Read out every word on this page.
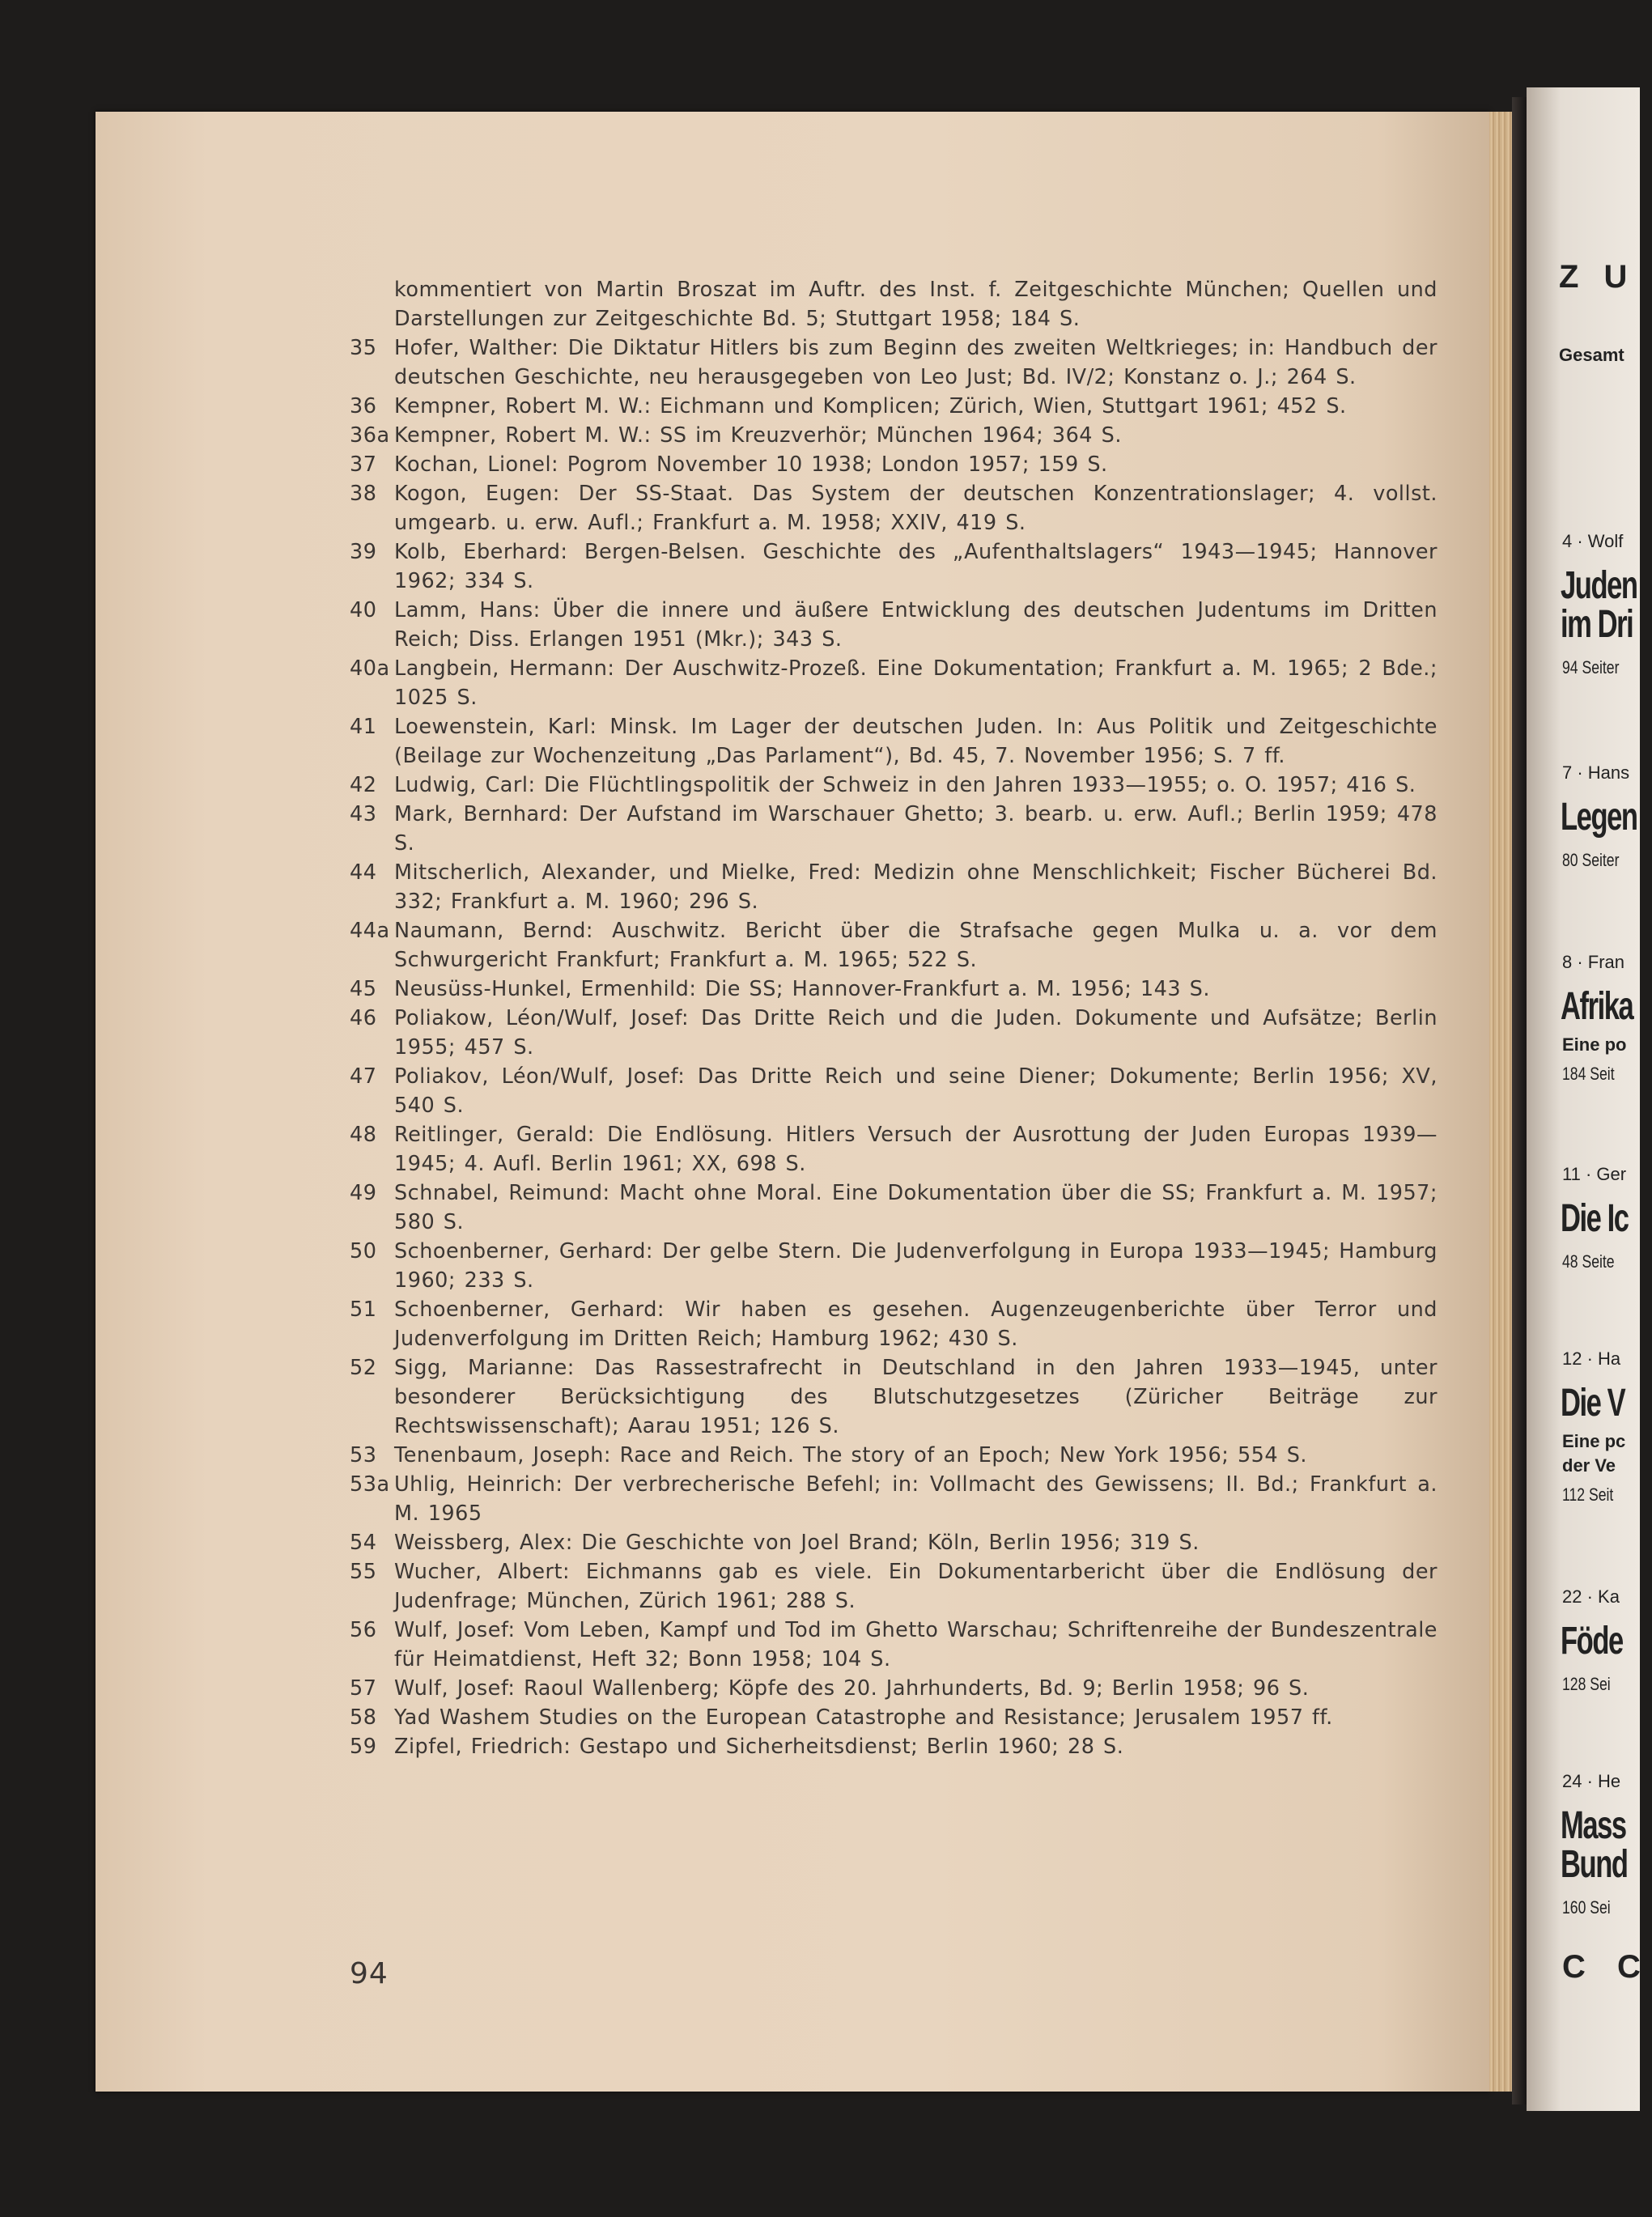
kommentiert von Martin Broszat im Auftr. des Inst. f. Zeitgeschichte München; Quellen und Darstellungen zur Zeitgeschichte Bd. 5; Stuttgart 1958; 184 S.
35 Hofer, Walther: Die Diktatur Hitlers bis zum Beginn des zweiten Weltkrieges; in: Handbuch der deutschen Geschichte, neu herausgegeben von Leo Just; Bd. IV/2; Konstanz o. J.; 264 S.
36 Kempner, Robert M. W.: Eichmann und Komplicen; Zürich, Wien, Stuttgart 1961; 452 S.
36a Kempner, Robert M. W.: SS im Kreuzverhör; München 1964; 364 S.
37 Kochan, Lionel: Pogrom November 10 1938; London 1957; 159 S.
38 Kogon, Eugen: Der SS-Staat. Das System der deutschen Konzentrationslager; 4. vollst. umgearb. u. erw. Aufl.; Frankfurt a. M. 1958; XXIV, 419 S.
39 Kolb, Eberhard: Bergen-Belsen. Geschichte des „Aufenthaltslagers“ 1943—1945; Hannover 1962; 334 S.
40 Lamm, Hans: Über die innere und äußere Entwicklung des deutschen Judentums im Dritten Reich; Diss. Erlangen 1951 (Mkr.); 343 S.
40a Langbein, Hermann: Der Auschwitz-Prozeß. Eine Dokumentation; Frankfurt a. M. 1965; 2 Bde.; 1025 S.
41 Loewenstein, Karl: Minsk. Im Lager der deutschen Juden. In: Aus Politik und Zeitgeschichte (Beilage zur Wochenzeitung „Das Parlament“), Bd. 45, 7. November 1956; S. 7 ff.
42 Ludwig, Carl: Die Flüchtlingspolitik der Schweiz in den Jahren 1933—1955; o. O. 1957; 416 S.
43 Mark, Bernhard: Der Aufstand im Warschauer Ghetto; 3. bearb. u. erw. Aufl.; Berlin 1959; 478 S.
44 Mitscherlich, Alexander, und Mielke, Fred: Medizin ohne Menschlichkeit; Fischer Bücherei Bd. 332; Frankfurt a. M. 1960; 296 S.
44a Naumann, Bernd: Auschwitz. Bericht über die Strafsache gegen Mulka u. a. vor dem Schwurgericht Frankfurt; Frankfurt a. M. 1965; 522 S.
45 Neusüss-Hunkel, Ermenhild: Die SS; Hannover-Frankfurt a. M. 1956; 143 S.
46 Poliakow, Léon/Wulf, Josef: Das Dritte Reich und die Juden. Dokumente und Aufsätze; Berlin 1955; 457 S.
47 Poliakov, Léon/Wulf, Josef: Das Dritte Reich und seine Diener; Dokumente; Berlin 1956; XV, 540 S.
48 Reitlinger, Gerald: Die Endlösung. Hitlers Versuch der Ausrottung der Juden Europas 1939—1945; 4. Aufl. Berlin 1961; XX, 698 S.
49 Schnabel, Reimund: Macht ohne Moral. Eine Dokumentation über die SS; Frankfurt a. M. 1957; 580 S.
50 Schoenberner, Gerhard: Der gelbe Stern. Die Judenverfolgung in Europa 1933—1945; Hamburg 1960; 233 S.
51 Schoenberner, Gerhard: Wir haben es gesehen. Augenzeugenberichte über Terror und Judenverfolgung im Dritten Reich; Hamburg 1962; 430 S.
52 Sigg, Marianne: Das Rassestrafrecht in Deutschland in den Jahren 1933—1945, unter besonderer Berücksichtigung des Blutschutzgesetzes (Züricher Beiträge zur Rechtswissenschaft); Aarau 1951; 126 S.
53 Tenenbaum, Joseph: Race and Reich. The story of an Epoch; New York 1956; 554 S.
53a Uhlig, Heinrich: Der verbrecherische Befehl; in: Vollmacht des Gewissens; II. Bd.; Frankfurt a. M. 1965
54 Weissberg, Alex: Die Geschichte von Joel Brand; Köln, Berlin 1956; 319 S.
55 Wucher, Albert: Eichmanns gab es viele. Ein Dokumentarbericht über die Endlösung der Judenfrage; München, Zürich 1961; 288 S.
56 Wulf, Josef: Vom Leben, Kampf und Tod im Ghetto Warschau; Schriftenreihe der Bundeszentrale für Heimatdienst, Heft 32; Bonn 1958; 104 S.
57 Wulf, Josef: Raoul Wallenberg; Köpfe des 20. Jahrhunderts, Bd. 9; Berlin 1958; 96 S.
58 Yad Washem Studies on the European Catastrophe and Resistance; Jerusalem 1957 ff.
59 Zipfel, Friedrich: Gestapo und Sicherheitsdienst; Berlin 1960; 28 S.
94
Z U
Gesamt
4 · Wolf
Juden
im Dri
94 Seiter
7 · Hans
Legen
80 Seiter
8 · Fran
Afrika
Eine po
184 Seit
11 · Ger
Die Ic
48 Seite
12 · Ha
Die V
Eine pc
der Ve
112 Seit
22 · Ka
Föde
128 Sei
24 · He
Mass
Bund
160 Sei
C C
